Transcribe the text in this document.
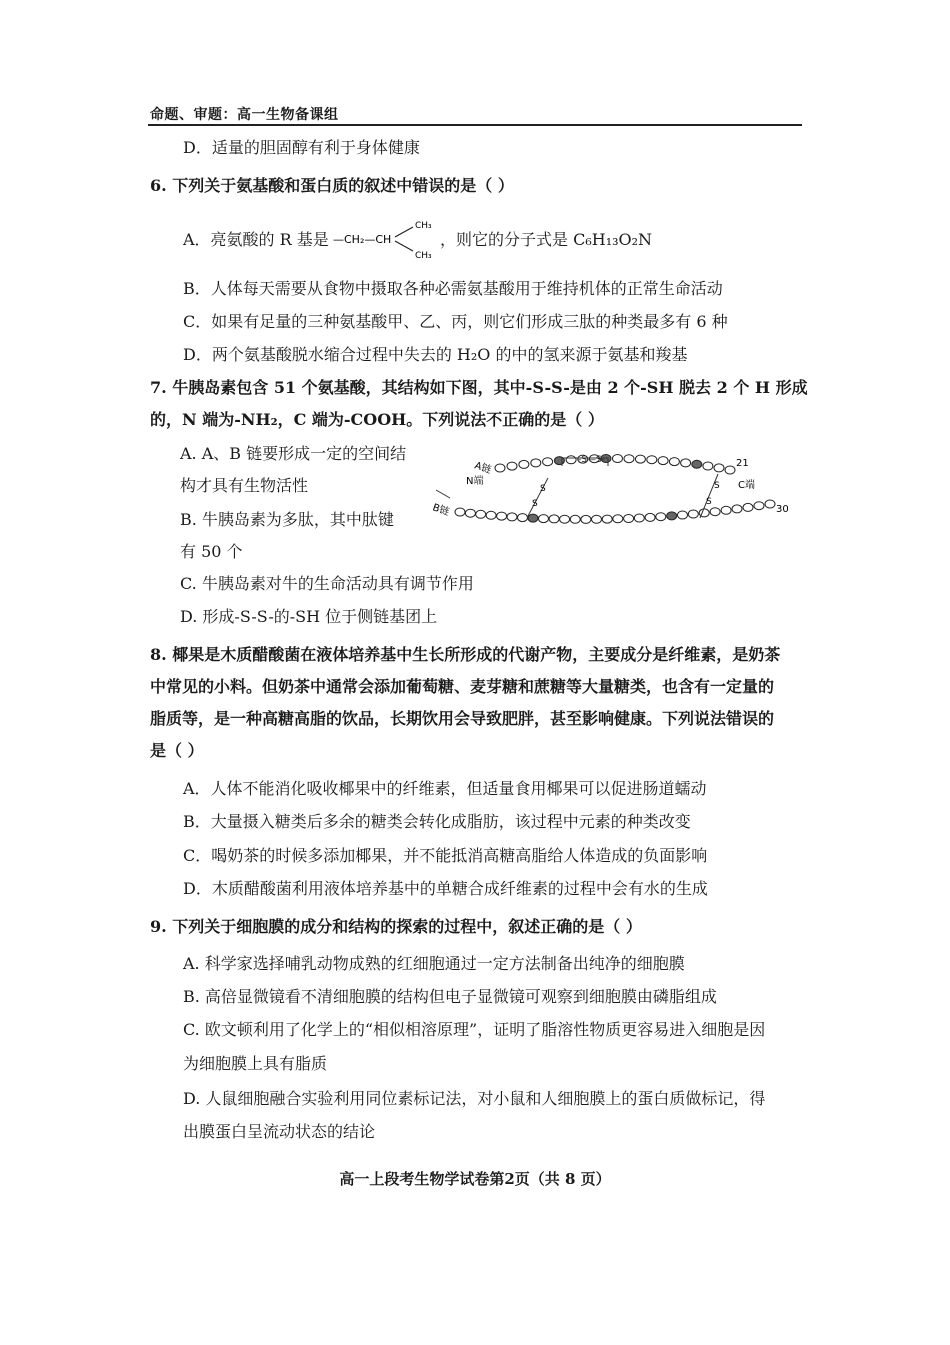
命题、审题：高一生物备课组
D．适量的胆固醇有利于身体健康
6. 下列关于氨基酸和蛋白质的叙述中错误的是（ ）
A．亮氨酸的 R 基是 —CH₂—CH
CH₃
CH₃
，则它的分子式是 C₆H₁₃O₂N
B．人体每天需要从食物中摄取各种必需氨基酸用于维持机体的正常生命活动
C．如果有足量的三种氨基酸甲、乙、丙，则它们形成三肽的种类最多有 6 种
D．两个氨基酸脱水缩合过程中失去的 H₂O 的中的氢来源于氨基和羧基
7. 牛胰岛素包含 51 个氨基酸，其结构如下图，其中-S-S-是由 2 个-SH 脱去 2 个 H 形成
的，N 端为-NH₂，C 端为-COOH。下列说法不正确的是（ ）
A. A、B 链要形成一定的空间结
构才具有生物活性
B. 牛胰岛素为多肽，其中肽键
有 50 个
C. 牛胰岛素对牛的生命活动具有调节作用
D. 形成-S-S-的-SH 位于侧链基团上
-S—S-
S
S
S
S
A链
N端
B链
21
C端
30
8. 椰果是木质醋酸菌在液体培养基中生长所形成的代谢产物，主要成分是纤维素，是奶茶
中常见的小料。但奶茶中通常会添加葡萄糖、麦芽糖和蔗糖等大量糖类，也含有一定量的
脂质等，是一种高糖高脂的饮品，长期饮用会导致肥胖，甚至影响健康。下列说法错误的
是（ ）
A．人体不能消化吸收椰果中的纤维素，但适量食用椰果可以促进肠道蠕动
B．大量摄入糖类后多余的糖类会转化成脂肪，该过程中元素的种类改变
C．喝奶茶的时候多添加椰果，并不能抵消高糖高脂给人体造成的负面影响
D．木质醋酸菌利用液体培养基中的单糖合成纤维素的过程中会有水的生成
9. 下列关于细胞膜的成分和结构的探索的过程中，叙述正确的是（ ）
A. 科学家选择哺乳动物成熟的红细胞通过一定方法制备出纯净的细胞膜
B. 高倍显微镜看不清细胞膜的结构但电子显微镜可观察到细胞膜由磷脂组成
C. 欧文顿利用了化学上的“相似相溶原理”，证明了脂溶性物质更容易进入细胞是因
为细胞膜上具有脂质
D. 人鼠细胞融合实验利用同位素标记法，对小鼠和人细胞膜上的蛋白质做标记，得
出膜蛋白呈流动状态的结论
高一上段考生物学试卷第2页（共 8 页）
